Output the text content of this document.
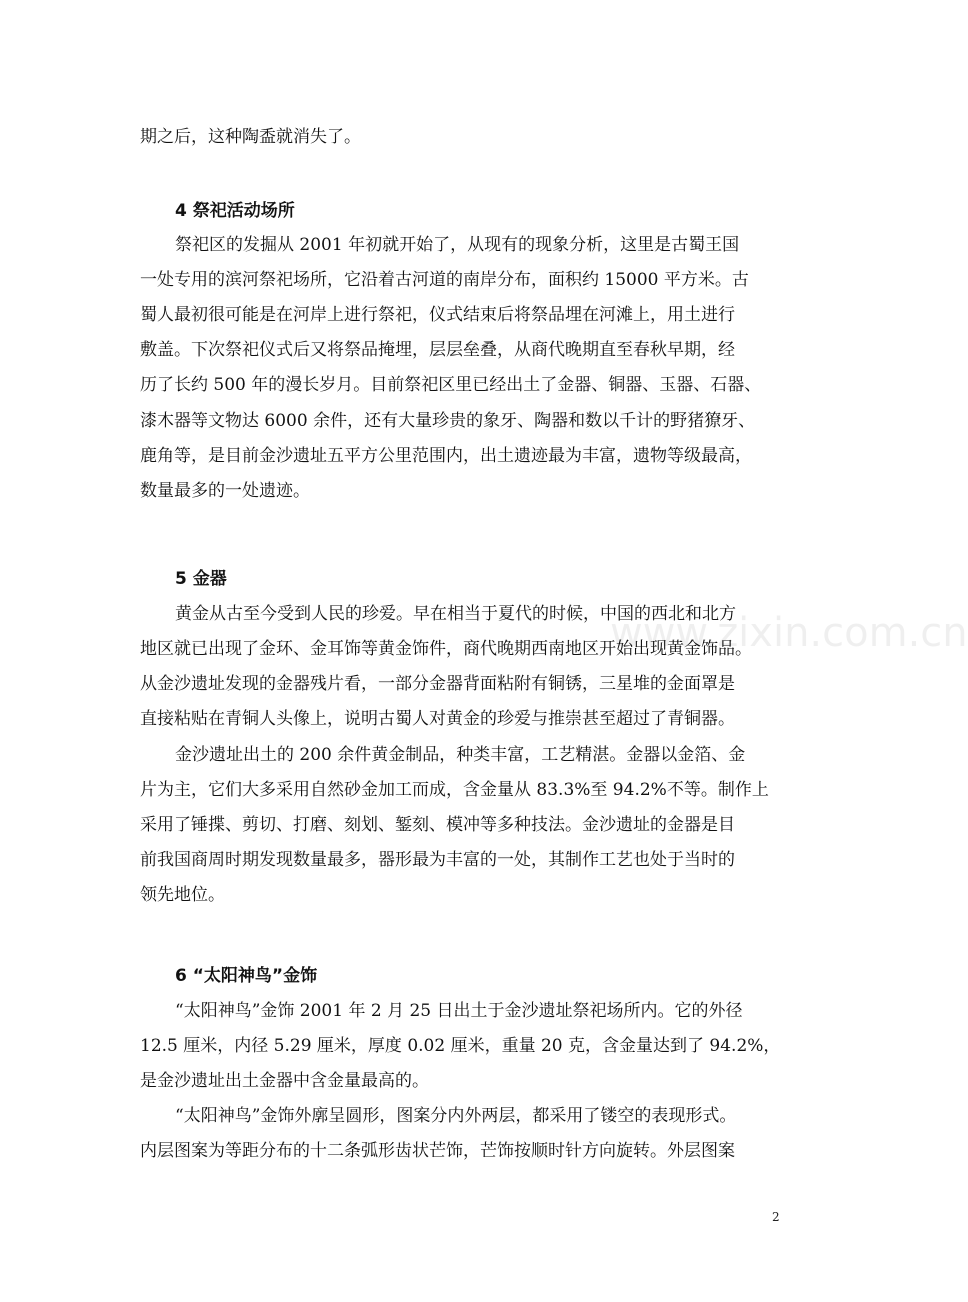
期之后，这种陶盉就消失了。
4 祭祀活动场所
祭祀区的发掘从 2001 年初就开始了，从现有的现象分析，这里是古蜀王国
一处专用的滨河祭祀场所，它沿着古河道的南岸分布，面积约 15000 平方米。古
蜀人最初很可能是在河岸上进行祭祀，仪式结束后将祭品埋在河滩上，用土进行
敷盖。下次祭祀仪式后又将祭品掩埋，层层垒叠，从商代晚期直至春秋早期，经
历了长约 500 年的漫长岁月。目前祭祀区里已经出土了金器、铜器、玉器、石器、
漆木器等文物达 6000 余件，还有大量珍贵的象牙、陶器和数以千计的野猪獠牙、
鹿角等，是目前金沙遗址五平方公里范围内，出土遗迹最为丰富，遗物等级最高，
数量最多的一处遗迹。
5 金器
黄金从古至今受到人民的珍爱。早在相当于夏代的时候，中国的西北和北方
地区就已出现了金环、金耳饰等黄金饰件，商代晚期西南地区开始出现黄金饰品。
从金沙遗址发现的金器残片看，一部分金器背面粘附有铜锈，三星堆的金面罩是
直接粘贴在青铜人头像上，说明古蜀人对黄金的珍爱与推崇甚至超过了青铜器。
金沙遗址出土的 200 余件黄金制品，种类丰富，工艺精湛。金器以金箔、金
片为主，它们大多采用自然砂金加工而成，含金量从 83.3%至 94.2%不等。制作上
采用了锤揲、剪切、打磨、刻划、錾刻、模冲等多种技法。金沙遗址的金器是目
前我国商周时期发现数量最多，器形最为丰富的一处，其制作工艺也处于当时的
领先地位。
6 “太阳神鸟”金饰
“太阳神鸟”金饰 2001 年 2 月 25 日出土于金沙遗址祭祀场所内。它的外径
12.5 厘米，内径 5.29 厘米，厚度 0.02 厘米，重量 20 克，含金量达到了 94.2%，
是金沙遗址出土金器中含金量最高的。
“太阳神鸟”金饰外廓呈圆形，图案分内外两层，都采用了镂空的表现形式。
内层图案为等距分布的十二条弧形齿状芒饰，芒饰按顺时针方向旋转。外层图案
www.zixin.com.cn
2
